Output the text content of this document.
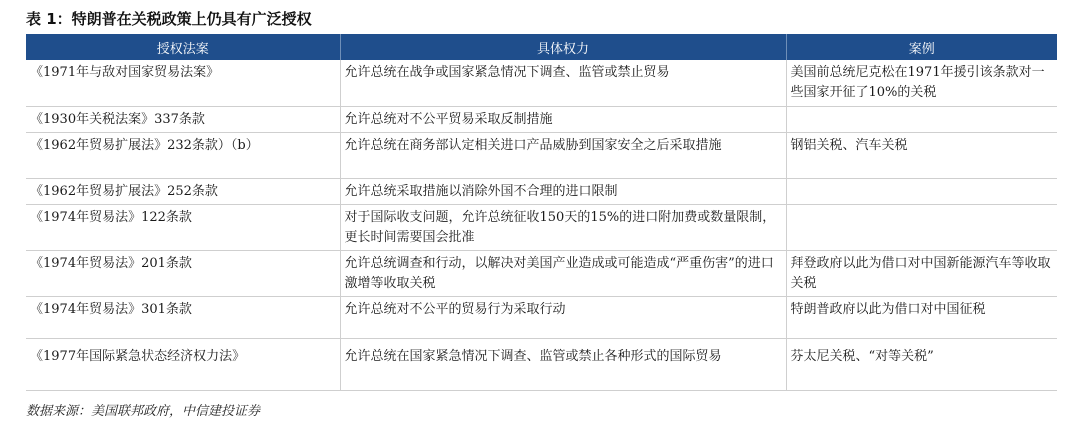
表 1：特朗普在关税政策上仍具有广泛授权
授权法案	具体权力	案例
《1971年与敌对国家贸易法案》	允许总统在战争或国家紧急情况下调查、监管或禁止贸易	美国前总统尼克松在1971年援引该条款对一些国家开征了10%的关税
《1930年关税法案》337条款	允许总统对不公平贸易采取反制措施	
《1962年贸易扩展法》232条款）（b）	允许总统在商务部认定相关进口产品威胁到国家安全之后采取措施	钢铝关税、汽车关税
《1962年贸易扩展法》252条款	允许总统采取措施以消除外国不合理的进口限制	
《1974年贸易法》122条款	对于国际收支问题，允许总统征收150天的15%的进口附加费或数量限制，更长时间需要国会批准	
《1974年贸易法》201条款	允许总统调查和行动，以解决对美国产业造成或可能造成“严重伤害”的进口激增等收取关税	拜登政府以此为借口对中国新能源汽车等收取关税
《1974年贸易法》301条款	允许总统对不公平的贸易行为采取行动	特朗普政府以此为借口对中国征税
《1977年国际紧急状态经济权力法》	允许总统在国家紧急情况下调查、监管或禁止各种形式的国际贸易	芬太尼关税、“对等关税”
数据来源：美国联邦政府，中信建投证券
